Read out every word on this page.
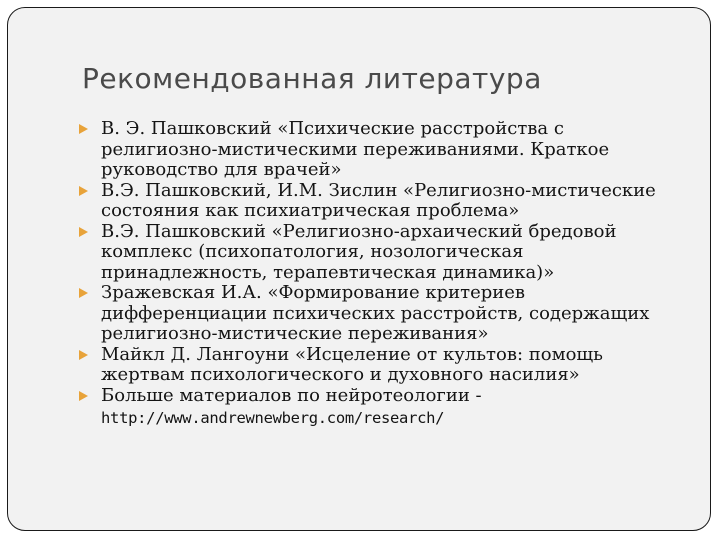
Рекомендованная литература
В. Э. Пашковский «Психические расстройства с
религиозно-мистическими переживаниями. Краткое
руководство для врачей»
В.Э. Пашковский, И.М. Зислин «Религиозно-мистические
состояния как психиатрическая проблема»
В.Э. Пашковский «Религиозно-архаический бредовой
комплекс (психопатология, нозологическая
принадлежность, терапевтическая динамика)»
Зражевская И.А. «Формирование критериев
дифференциации психических расстройств, содержащих
религиозно-мистические переживания»
Майкл Д. Лангоуни «Исцеление от культов: помощь
жертвам психологического и духовного насилия»
Больше материалов по нейротеологии -
http://www.andrewnewberg.com/research/
